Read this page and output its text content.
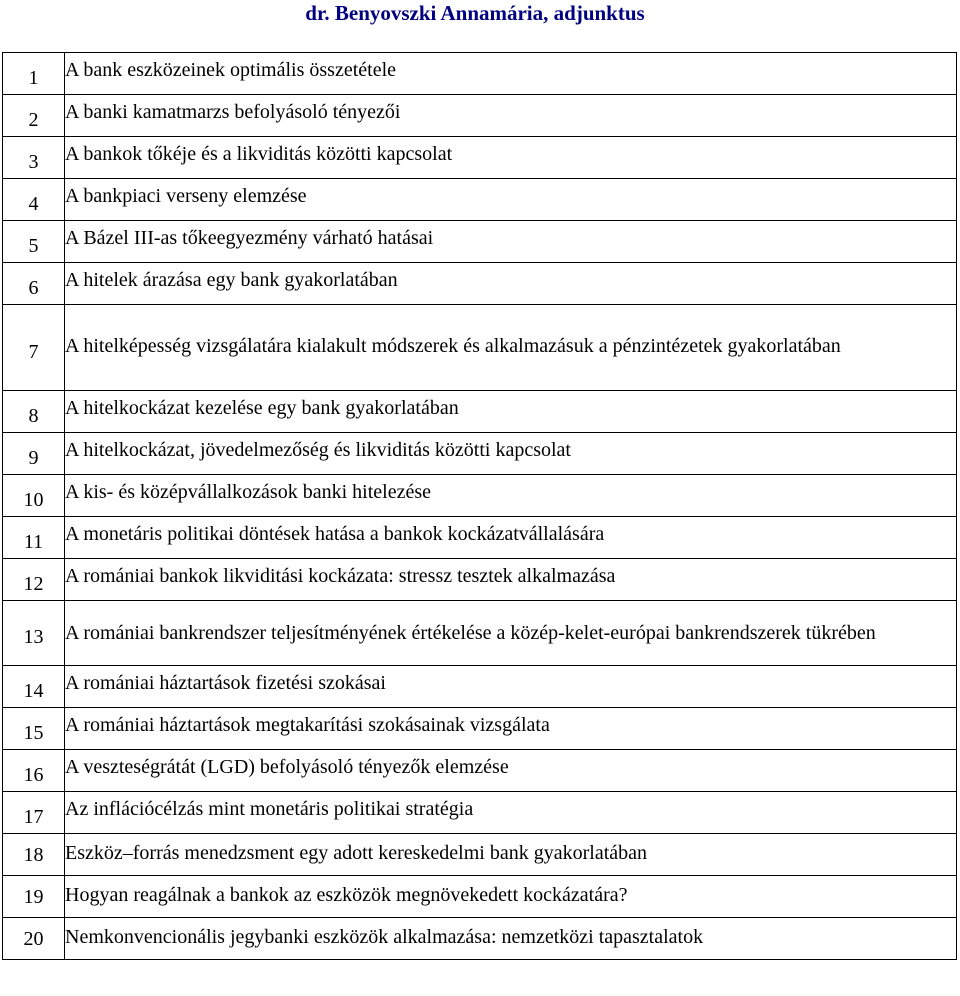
dr. Benyovszki Annamária, adjunktus
1	A bank eszközeinek optimális összetétele

2	A banki kamatmarzs befolyásoló tényezői

3	A bankok tőkéje és a likviditás közötti kapcsolat

4	A bankpiaci verseny elemzése

5	A Bázel III-as tőkeegyezmény várható hatásai

6	A hitelek árazása egy bank gyakorlatában

7	A hitelképesség vizsgálatára kialakult módszerek és alkalmazásuk a pénzintézetek gyakorlatában

8	A hitelkockázat kezelése egy bank gyakorlatában

9	A hitelkockázat, jövedelmezőség és likviditás közötti kapcsolat

10	A kis- és középvállalkozások banki hitelezése

11	A monetáris politikai döntések hatása a bankok kockázatvállalására

12	A romániai bankok likviditási kockázata: stressz tesztek alkalmazása

13	A romániai bankrendszer teljesítményének értékelése a közép-kelet-európai bankrendszerek tükrében

14	A romániai háztartások fizetési szokásai

15	A romániai háztartások megtakarítási szokásainak vizsgálata

16	A veszteségrátát (LGD) befolyásoló tényezők elemzése

17	Az inflációcélzás mint monetáris politikai stratégia

18	Eszköz–forrás menedzsment egy adott kereskedelmi bank gyakorlatában

19	Hogyan reagálnak a bankok az eszközök megnövekedett kockázatára?

20	Nemkonvencionális jegybanki eszközök alkalmazása: nemzetközi tapasztalatok
